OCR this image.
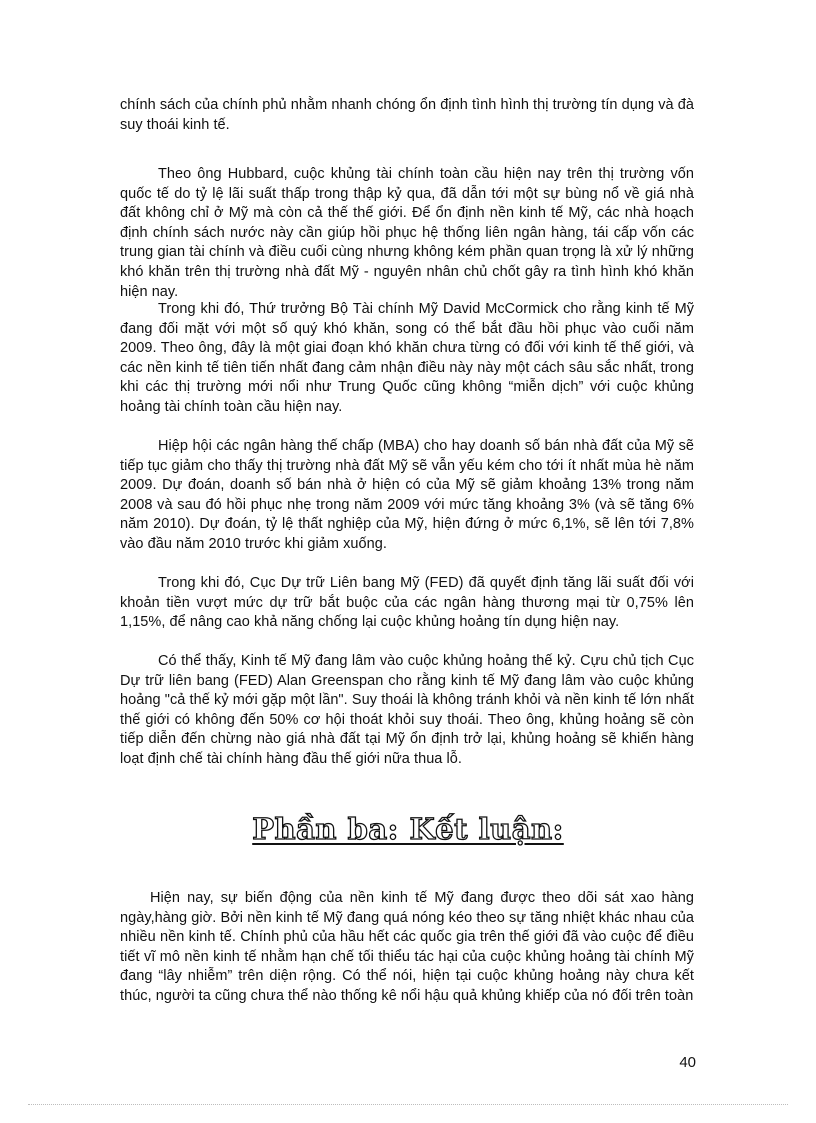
chính sách của chính phủ nhằm nhanh chóng ổn định tình hình thị trường tín dụng và đà suy thoái kinh tế.

Theo ông Hubbard, cuộc khủng tài chính toàn cầu hiện nay trên thị trường vốn quốc tế do tỷ lệ lãi suất thấp trong thập kỷ qua, đã dẫn tới một sự bùng nổ về giá nhà đất không chỉ ở Mỹ mà còn cả thế thế giới. Để ổn định nền kinh tế Mỹ, các nhà hoạch định chính sách nước này cần giúp hồi phục hệ thống liên ngân hàng, tái cấp vốn các trung gian tài chính và điều cuối cùng nhưng không kém phần quan trọng là xử lý những khó khăn trên thị trường nhà đất Mỹ - nguyên nhân chủ chốt gây ra tình hình khó khăn hiện nay.

Trong khi đó, Thứ trưởng Bộ Tài chính Mỹ David McCormick cho rằng kinh tế Mỹ đang đối mặt với một số quý khó khăn, song có thể bắt đầu hồi phục vào cuối năm 2009. Theo ông, đây là một giai đoạn khó khăn chưa từng có đối với kinh tế thế giới, và các nền kinh tế tiên tiến nhất đang cảm nhận điều này này một cách sâu sắc nhất, trong khi các thị trường mới nổi như Trung Quốc cũng không “miễn dịch” với cuộc khủng hoảng tài chính toàn cầu hiện nay.

Hiệp hội các ngân hàng thế chấp (MBA) cho hay doanh số bán nhà đất của Mỹ sẽ tiếp tục giảm cho thấy thị trường nhà đất Mỹ sẽ vẫn yếu kém cho tới ít nhất mùa hè năm 2009. Dự đoán, doanh số bán nhà ở hiện có của Mỹ sẽ giảm khoảng 13% trong năm 2008 và sau đó hồi phục nhẹ trong năm 2009 với mức tăng khoảng 3% (và sẽ tăng 6% năm 2010). Dự đoán, tỷ lệ thất nghiệp của Mỹ, hiện đứng ở mức 6,1%, sẽ lên tới 7,8% vào đầu năm 2010 trước khi giảm xuống.

Trong khi đó, Cục Dự trữ Liên bang Mỹ (FED) đã quyết định tăng lãi suất đối với khoản tiền vượt mức dự trữ bắt buộc của các ngân hàng thương mại từ 0,75% lên 1,15%, để nâng cao khả năng chống lại cuộc khủng hoảng tín dụng hiện nay.

Có thể thấy, Kinh tế Mỹ đang lâm vào cuộc khủng hoảng thế kỷ. Cựu chủ tịch Cục Dự trữ liên bang (FED) Alan Greenspan cho rằng kinh tế Mỹ đang lâm vào cuộc khủng hoảng "cả thế kỷ mới gặp một lần". Suy thoái là không tránh khỏi và nền kinh tế lớn nhất thế giới có không đến 50% cơ hội thoát khỏi suy thoái. Theo ông, khủng hoảng sẽ còn tiếp diễn đến chừng nào giá nhà đất tại Mỹ ổn định trở lại, khủng hoảng sẽ khiến hàng loạt định chế tài chính hàng đầu thế giới nữa thua lỗ.

Phần ba: Kết luận:

Hiện nay, sự biến động của nền kinh tế Mỹ đang được theo dõi sát xao hàng ngày,hàng giờ. Bởi nền kinh tế Mỹ đang quá nóng kéo theo sự tăng nhiệt khác nhau của nhiều nền kinh tế. Chính phủ của hầu hết các quốc gia trên thế giới đã vào cuộc để điều tiết vĩ mô nền kinh tế nhằm hạn chế tối thiểu tác hại của cuộc khủng hoảng tài chính Mỹ đang “lây nhiễm” trên diện rộng. Có thể nói, hiện tại cuộc khủng hoảng này chưa kết thúc, người ta cũng chưa thể nào thống kê nổi hậu quả khủng khiếp của nó đối trên toàn

40
